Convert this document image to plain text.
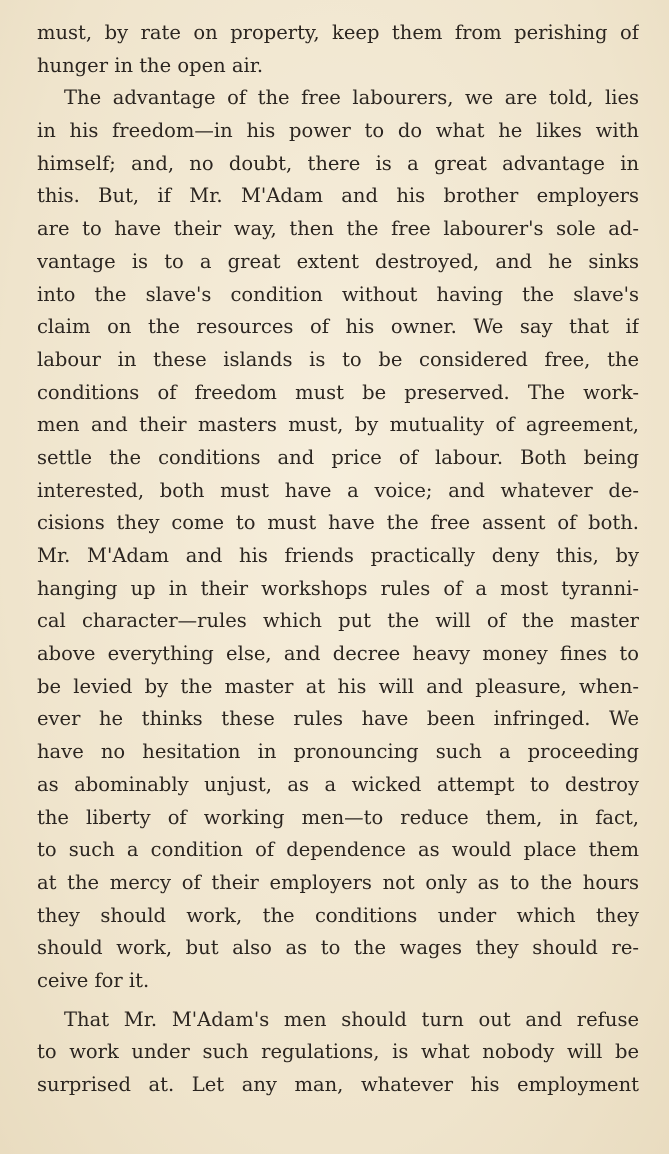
must, by rate on property, keep them from perishing of
hunger in the open air.
The advantage of the free labourers, we are told, lies
in his freedom—in his power to do what he likes with
himself; and, no doubt, there is a great advantage in
this. But, if Mr. M'Adam and his brother employers
are to have their way, then the free labourer's sole ad-
vantage is to a great extent destroyed, and he sinks
into the slave's condition without having the slave's
claim on the resources of his owner. We say that if
labour in these islands is to be considered free, the
conditions of freedom must be preserved. The work-
men and their masters must, by mutuality of agreement,
settle the conditions and price of labour. Both being
interested, both must have a voice; and whatever de-
cisions they come to must have the free assent of both.
Mr. M'Adam and his friends practically deny this, by
hanging up in their workshops rules of a most tyranni-
cal character—rules which put the will of the master
above everything else, and decree heavy money fines to
be levied by the master at his will and pleasure, when-
ever he thinks these rules have been infringed. We
have no hesitation in pronouncing such a proceeding
as abominably unjust, as a wicked attempt to destroy
the liberty of working men—to reduce them, in fact,
to such a condition of dependence as would place them
at the mercy of their employers not only as to the hours
they should work, the conditions under which they
should work, but also as to the wages they should re-
ceive for it.
That Mr. M'Adam's men should turn out and refuse
to work under such regulations, is what nobody will be
surprised at. Let any man, whatever his employment
